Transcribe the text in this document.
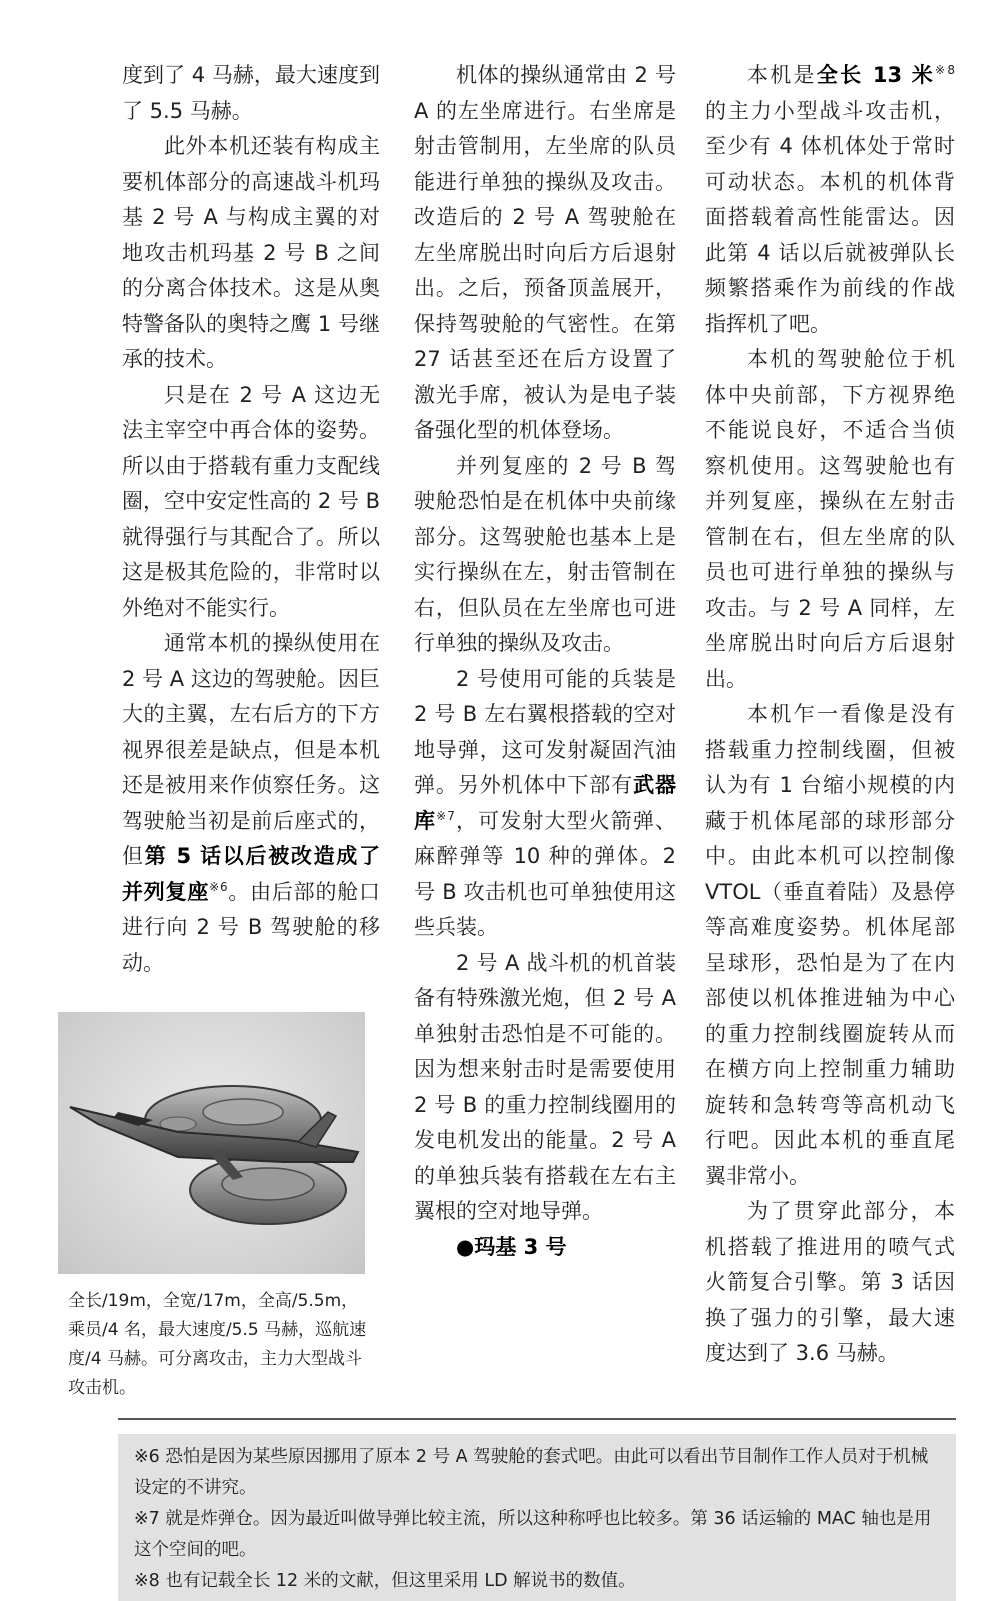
度到了 4 马赫，最大速度到了 5.5 马赫。

此外本机还装有构成主要机体部分的高速战斗机玛基 2 号 A 与构成主翼的对地攻击机玛基 2 号 B 之间的分离合体技术。这是从奥特警备队的奥特之鹰 1 号继承的技术。

只是在 2 号 A 这边无法主宰空中再合体的姿势。所以由于搭载有重力支配线圈，空中安定性高的 2 号 B 就得强行与其配合了。所以这是极其危险的，非常时以外绝对不能实行。

通常本机的操纵使用在 2 号 A 这边的驾驶舱。因巨大的主翼，左右后方的下方视界很差是缺点，但是本机还是被用来作侦察任务。这驾驶舱当初是前后座式的，但第 5 话以后被改造成了并列复座$^{※6}$。由后部的舱口进行向 2 号 B 驾驶舱的移动。

机体的操纵通常由 2 号 A 的左坐席进行。右坐席是射击管制用，左坐席的队员能进行单独的操纵及攻击。改造后的 2 号 A 驾驶舱在左坐席脱出时向后方后退射出。之后，预备顶盖展开，保持驾驶舱的气密性。在第 27 话甚至还在后方设置了激光手席，被认为是电子装备强化型的机体登场。

并列复座的 2 号 B 驾驶舱恐怕是在机体中央前缘部分。这驾驶舱也基本上是实行操纵在左，射击管制在右，但队员在左坐席也可进行单独的操纵及攻击。

2 号使用可能的兵装是 2 号 B 左右翼根搭载的空对地导弹，这可发射凝固汽油弹。另外机体中下部有武器库$^{※7}$，可发射大型火箭弹、麻醉弹等 10 种的弹体。2 号 B 攻击机也可单独使用这些兵装。

2 号 A 战斗机的机首装备有特殊激光炮，但 2 号 A 单独射击恐怕是不可能的。因为想来射击时是需要使用 2 号 B 的重力控制线圈用的发电机发出的能量。2 号 A 的单独兵装有搭载在左右主翼根的空对地导弹。

●玛基 3 号

本机是全长 13 米$^{※8}$的主力小型战斗攻击机，至少有 4 体机体处于常时可动状态。本机的机体背面搭载着高性能雷达。因此第 4 话以后就被弹队长频繁搭乘作为前线的作战指挥机了吧。

本机的驾驶舱位于机体中央前部，下方视界绝不能说良好，不适合当侦察机使用。这驾驶舱也有并列复座，操纵在左射击管制在右，但左坐席的队员也可进行单独的操纵与攻击。与 2 号 A 同样，左坐席脱出时向后方后退射出。

本机乍一看像是没有搭载重力控制线圈，但被认为有 1 台缩小规模的内藏于机体尾部的球形部分中。由此本机可以控制像 VTOL（垂直着陆）及悬停等高难度姿势。机体尾部呈球形，恐怕是为了在内部使以机体推进轴为中心的重力控制线圈旋转从而在横方向上控制重力辅助旋转和急转弯等高机动飞行吧。因此本机的垂直尾翼非常小。

为了贯穿此部分，本机搭载了推进用的喷气式火箭复合引擎。第 3 话因换了强力的引擎，最大速度达到了 3.6 马赫。

全长/19m，全宽/17m，全高/5.5m，乘员/4 名，最大速度/5.5 马赫，巡航速度/4 马赫。可分离攻击，主力大型战斗攻击机。

※6 恐怕是因为某些原因挪用了原本 2 号 A 驾驶舱的套式吧。由此可以看出节目制作工作人员对于机械设定的不讲究。

※7 就是炸弹仓。因为最近叫做导弹比较主流，所以这种称呼也比较多。第 36 话运输的 MAC 轴也是用这个空间的吧。

※8 也有记载全长 12 米的文献，但这里采用 LD 解说书的数值。
